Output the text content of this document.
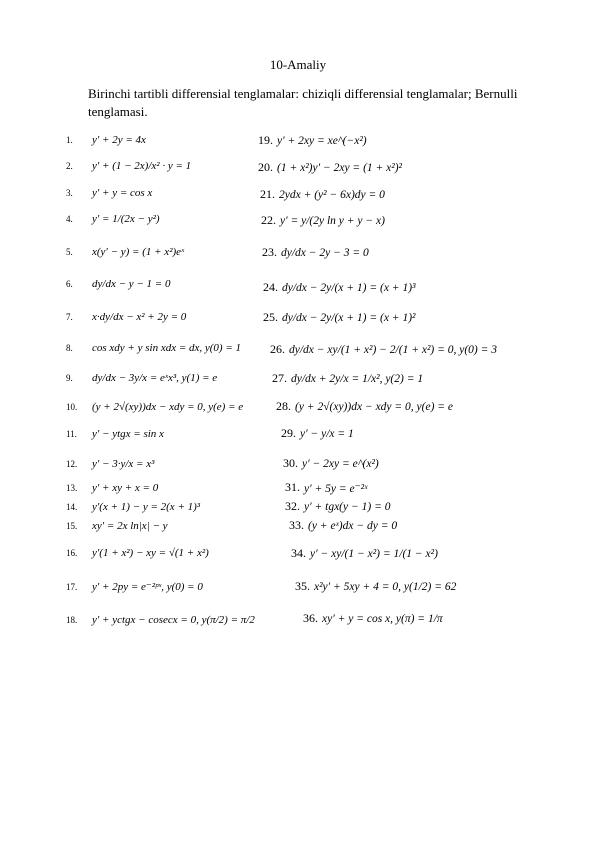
10-Amaliy
Birinchi tartibli differensial tenglamalar: chiziqli differensial tenglamalar; Bernulli tenglamasi.
1.	y′ + 2y = 4x
2.	y′ + (1 − 2x)/x² · y = 1
3.	y′ + y = cos x
4.	y′ = 1/(2x − y²)
5.	x(y′ − y) = (1 + x²)eˣ
6.	dy/dx − y − 1 = 0
7.	x·dy/dx − x² + 2y = 0
8.	cos xdy + y sin xdx = dx, y(0) = 1
9.	dy/dx − 3y/x = eˣx³, y(1) = e
10.	(y + 2√(xy))dx − xdy = 0, y(e) = e
11.	y′ − ytgx = sin x
12.	y′ − 3·y/x = x³
13.	y′ + xy + x = 0
14.	y′(x + 1) − y = 2(x + 1)³
15.	xy′ = 2x ln|x| − y
16.	y′(1 + x²) − xy = √(1 + x²)
17.	y′ + 2py = e⁻²ᵖˣ, y(0) = 0
18.	y′ + yctgx − cosecx = 0, y(π/2) = π/2
19. y′ + 2xy = xe^(−x²)
20. (1 + x²)y′ − 2xy = (1 + x²)²
21. 2ydx + (y² − 6x)dy = 0
22. y′ = y/(2y ln y + y − x)
23. dy/dx − 2y − 3 = 0
24. dy/dx − 2y/(x + 1) = (x + 1)³
25. dy/dx − 2y/(x + 1) = (x + 1)²
26. dy/dx − xy/(1 + x²) − 2/(1 + x²) = 0, y(0) = 3
27. dy/dx + 2y/x = 1/x², y(2) = 1
28. (y + 2√(xy))dx − xdy = 0, y(e) = e
29. y′ − y/x = 1
30. y′ − 2xy = e^(x²)
31. y′ + 5y = e⁻²ˣ
32. y′ + tgx(y − 1) = 0
33. (y + eˣ)dx − dy = 0
34. y′ − xy/(1 − x²) = 1/(1 − x²)
35. x²y′ + 5xy + 4 = 0, y(1/2) = 62
36. xy′ + y = cos x, y(π) = 1/π
